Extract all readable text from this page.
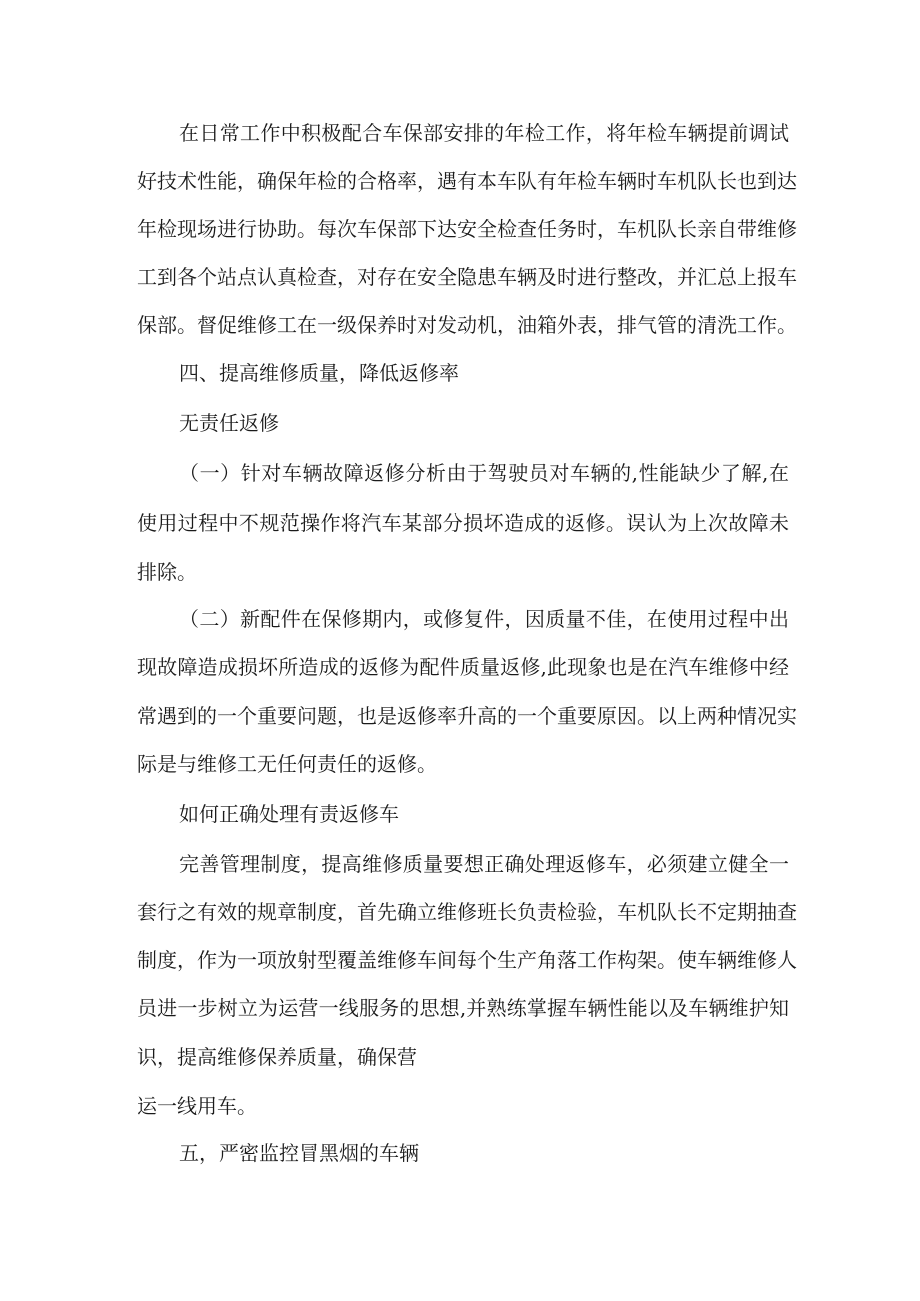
在日常工作中积极配合车保部安排的年检工作，将年检车辆提前调试
好技术性能，确保年检的合格率，遇有本车队有年检车辆时车机队长也到达
年检现场进行协助。每次车保部下达安全检查任务时，车机队长亲自带维修
工到各个站点认真检查，对存在安全隐患车辆及时进行整改，并汇总上报车
保部。督促维修工在一级保养时对发动机，油箱外表，排气管的清洗工作。
四、提高维修质量，降低返修率
无责任返修
（一）针对车辆故障返修分析由于驾驶员对车辆的,性能缺少了解,在
使用过程中不规范操作将汽车某部分损坏造成的返修。误认为上次故障未
排除。
（二）新配件在保修期内，或修复件，因质量不佳，在使用过程中出
现故障造成损坏所造成的返修为配件质量返修,此现象也是在汽车维修中经
常遇到的一个重要问题，也是返修率升高的一个重要原因。以上两种情况实
际是与维修工无任何责任的返修。
如何正确处理有责返修车
完善管理制度，提高维修质量要想正确处理返修车，必须建立健全一
套行之有效的规章制度，首先确立维修班长负责检验，车机队长不定期抽查
制度，作为一项放射型覆盖维修车间每个生产角落工作构架。使车辆维修人
员进一步树立为运营一线服务的思想,并熟练掌握车辆性能以及车辆维护知
识，提高维修保养质量，确保营
运一线用车。
五，严密监控冒黑烟的车辆
